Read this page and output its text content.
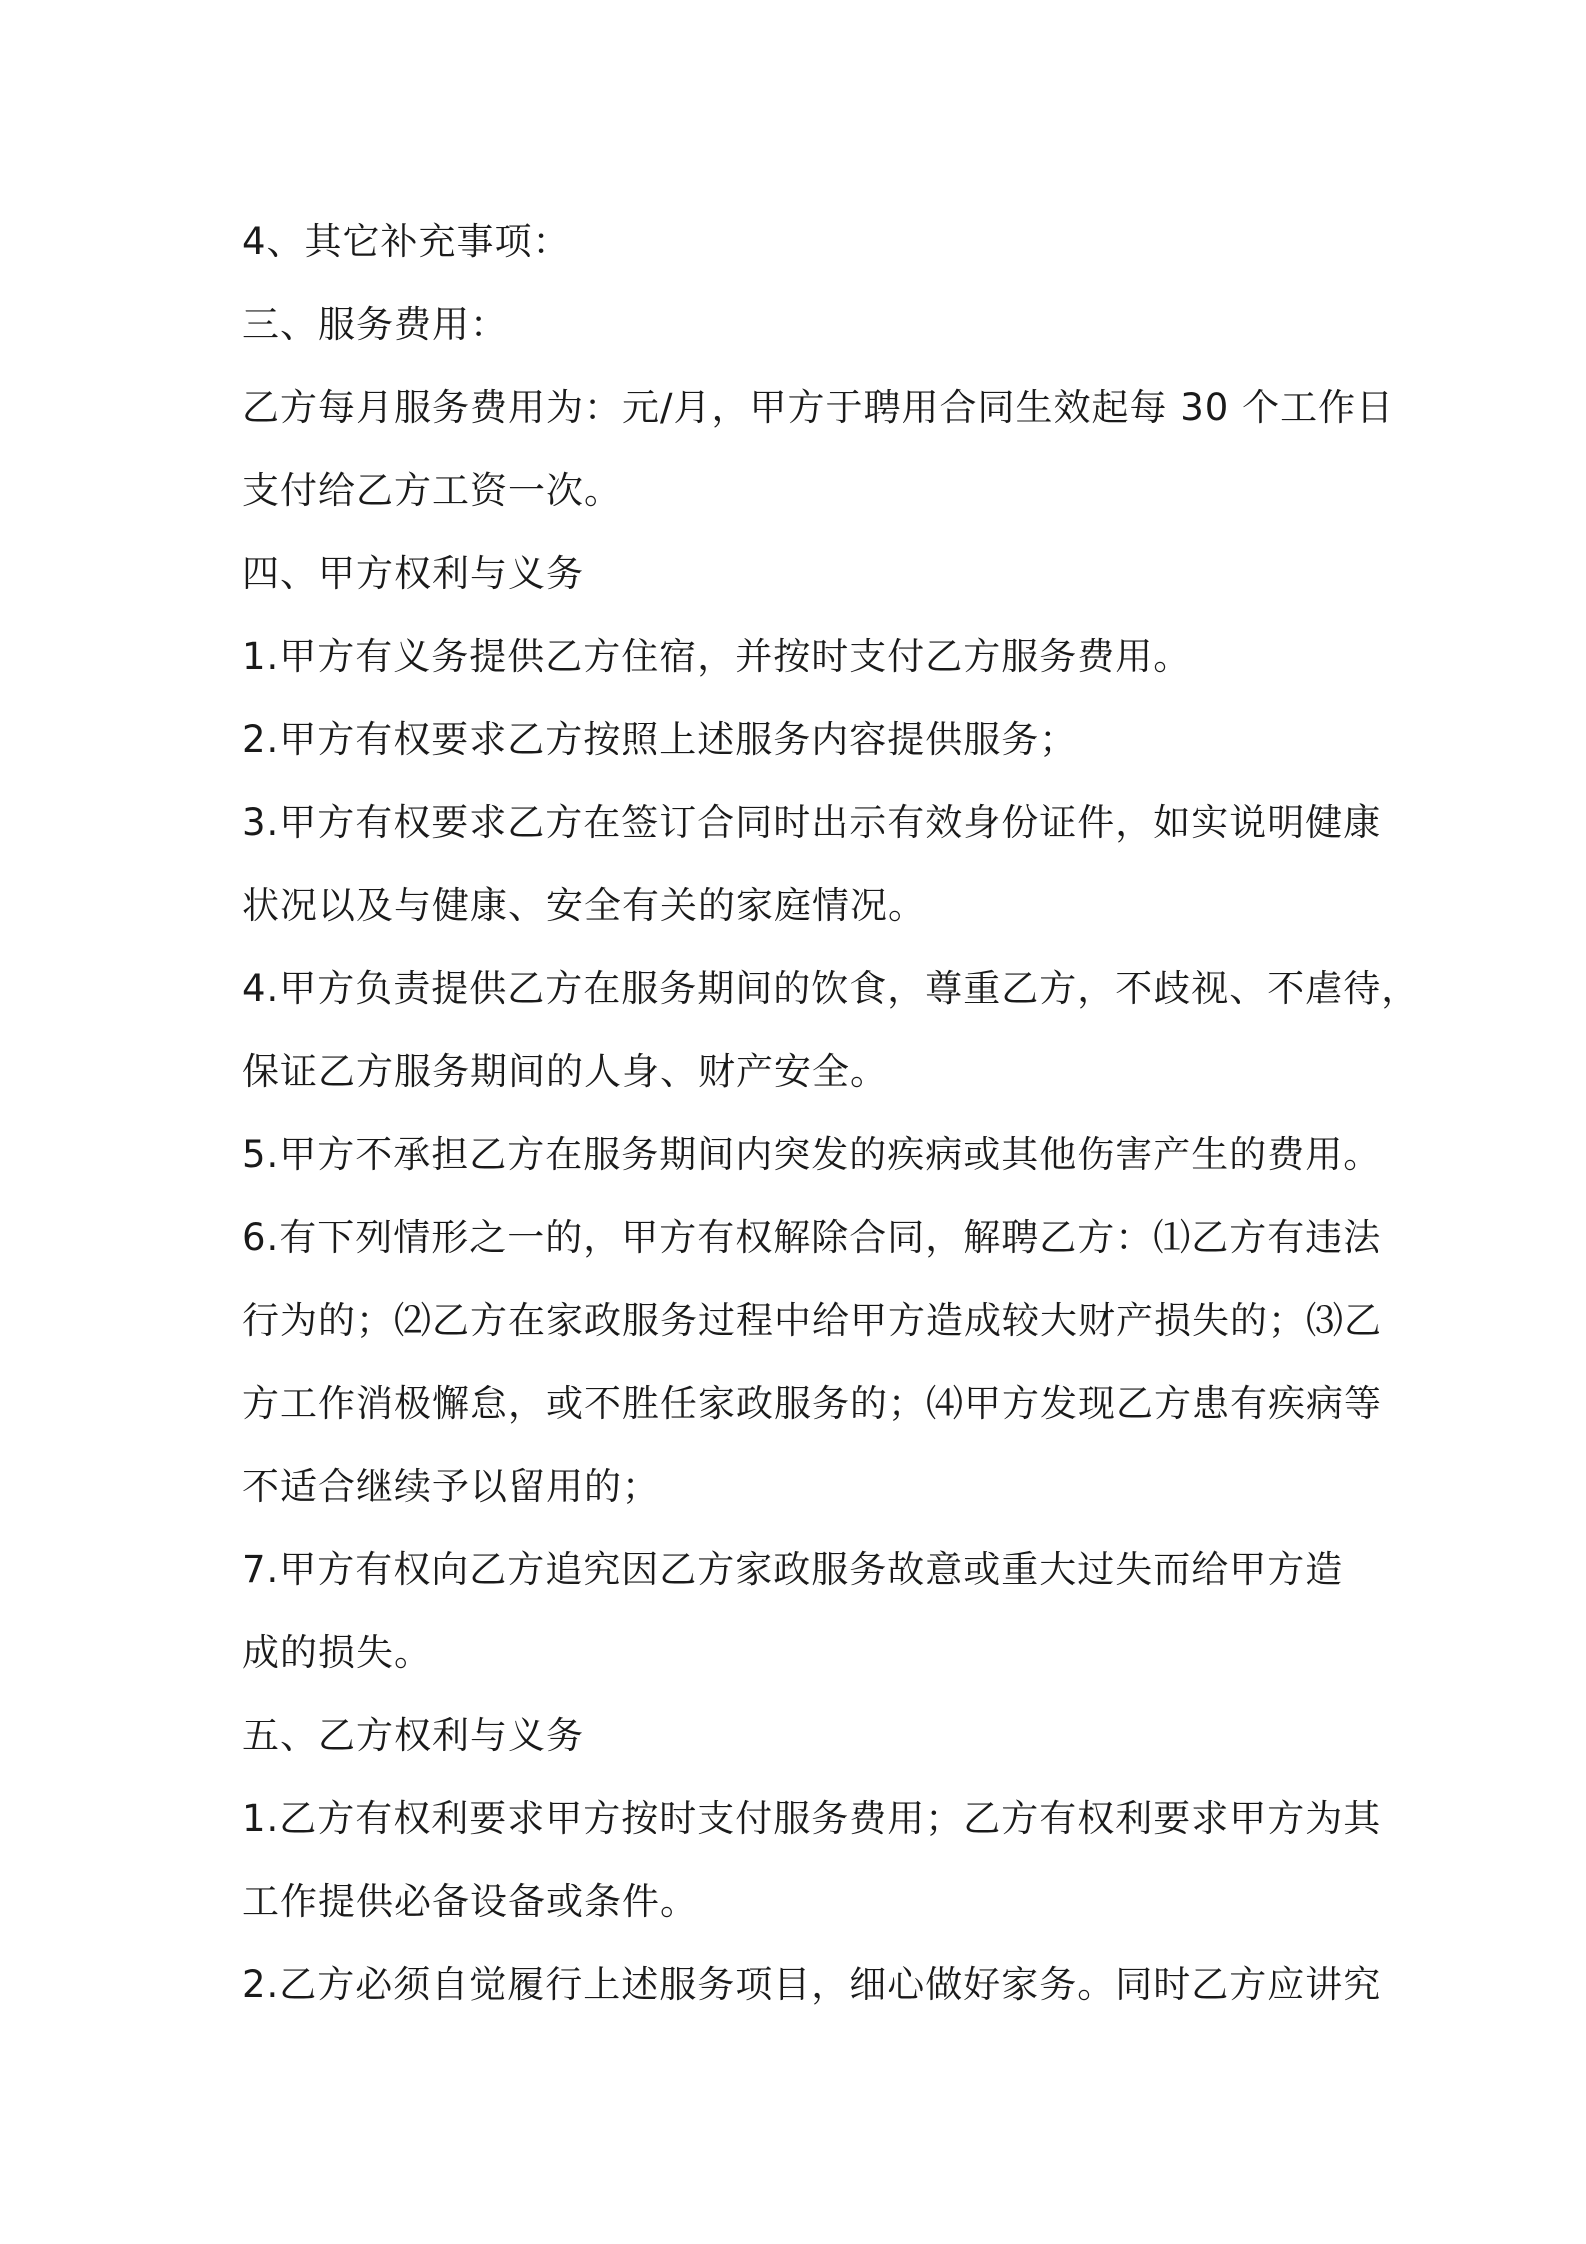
4、其它补充事项：
三、服务费用：
乙方每月服务费用为：元/月，甲方于聘用合同生效起每 30 个工作日
支付给乙方工资一次。
四、甲方权利与义务
1.甲方有义务提供乙方住宿，并按时支付乙方服务费用。
2.甲方有权要求乙方按照上述服务内容提供服务；
3.甲方有权要求乙方在签订合同时出示有效身份证件，如实说明健康
状况以及与健康、安全有关的家庭情况。
4.甲方负责提供乙方在服务期间的饮食，尊重乙方，不歧视、不虐待，
保证乙方服务期间的人身、财产安全。
5.甲方不承担乙方在服务期间内突发的疾病或其他伤害产生的费用。
6.有下列情形之一的，甲方有权解除合同，解聘乙方：⑴乙方有违法
行为的；⑵乙方在家政服务过程中给甲方造成较大财产损失的；⑶乙
方工作消极懈怠，或不胜任家政服务的；⑷甲方发现乙方患有疾病等
不适合继续予以留用的；
7.甲方有权向乙方追究因乙方家政服务故意或重大过失而给甲方造
成的损失。
五、乙方权利与义务
1.乙方有权利要求甲方按时支付服务费用；乙方有权利要求甲方为其
工作提供必备设备或条件。
2.乙方必须自觉履行上述服务项目，细心做好家务。同时乙方应讲究
